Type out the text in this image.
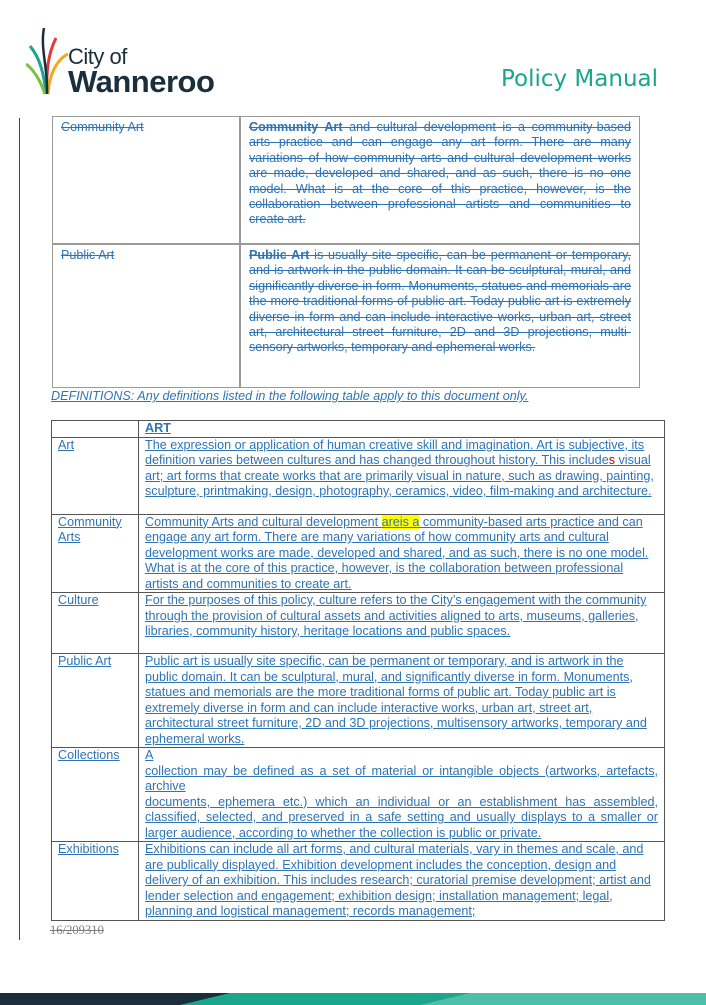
City of
Wanneroo	Policy Manual
Community Art	Community Art and cultural development is a community-based arts practice and can engage any art form. There are many variations of how community arts and cultural development works are made, developed and shared, and as such, there is no one model. What is at the core of this practice, however, is the collaboration between professional artists and communities to create art.
Public Art	Public Art is usually site specific, can be permanent or temporary, and is artwork in the public domain. It can be sculptural, mural, and significantly diverse in form. Monuments, statues and memorials are the more traditional forms of public art. Today public art is extremely diverse in form and can include interactive works, urban art, street art, architectural street furniture, 2D and 3D projections, multi-sensory artworks, temporary and ephemeral works.
DEFINITIONS: Any definitions listed in the following table apply to this document only.
	ART
Art	The expression or application of human creative skill and imagination. Art is subjective, its definition varies between cultures and has changed throughout history. This includes visual art; art forms that create works that are primarily visual in nature, such as drawing, painting, sculpture, printmaking, design, photography, ceramics, video, film-making and architecture.
Community Arts	Community Arts and cultural development areis a community-based arts practice and can engage any art form. There are many variations of how community arts and cultural development works are made, developed and shared, and as such, there is no one model. What is at the core of this practice, however, is the collaboration between professional artists and communities to create art.
Culture	For the purposes of this policy, culture refers to the City’s engagement with the community through the provision of cultural assets and activities aligned to arts, museums, galleries, libraries, community history, heritage locations and public spaces.
Public Art	Public art is usually site specific, can be permanent or temporary, and is artwork in the public domain. It can be sculptural, mural, and significantly diverse in form. Monuments, statues and memorials are the more traditional forms of public art. Today public art is extremely diverse in form and can include interactive works, urban art, street art, architectural street furniture, 2D and 3D projections, multisensory artworks, temporary and ephemeral works.
Collections	A
collection may be defined as a set of material or intangible objects (artworks, artefacts, archive
documents, ephemera etc.) which an individual or an establishment has assembled, classified, selected, and preserved in a safe setting and usually displays to a smaller or larger audience, according to whether the collection is public or private.

Exhibitions	Exhibitions can include all art forms, and cultural materials, vary in themes and scale, and are publically displayed. Exhibition development includes the conception, design and delivery of an exhibition. This includes research; curatorial premise development; artist and lender selection and engagement; exhibition design; installation management; legal, planning and logistical management; records management;
16/209310
